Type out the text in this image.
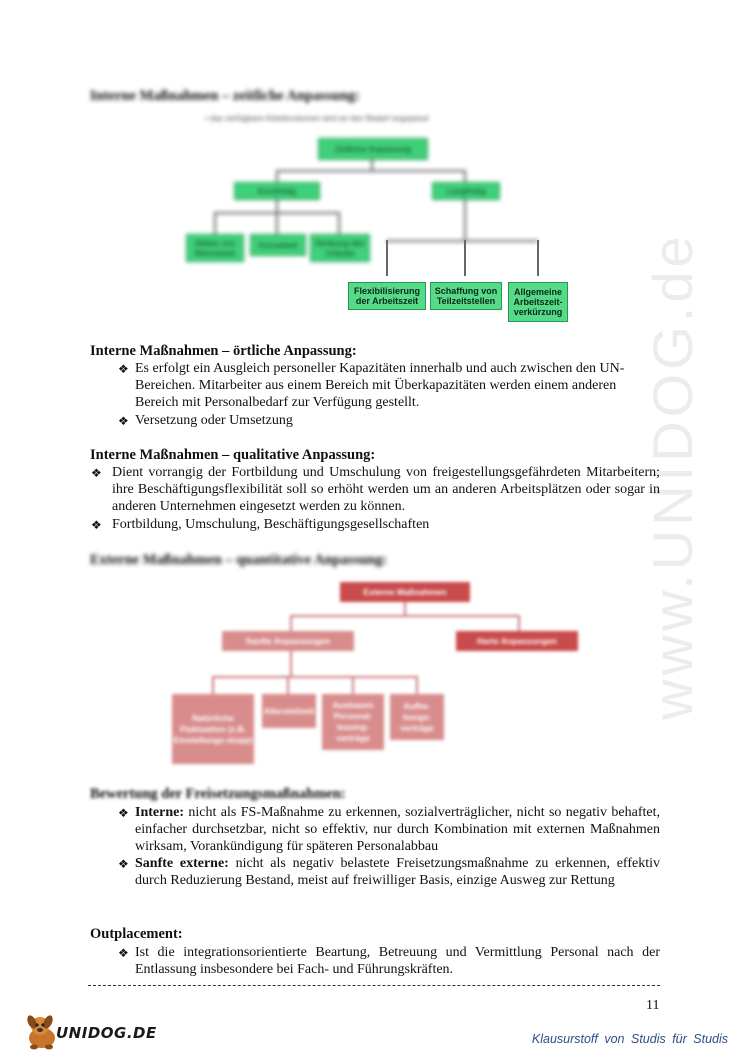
www.UNIDOG.de
Interne Maßnahmen – zeitliche Anpassung:
• das verfügbare Arbeitsvolumen wird an den Bedarf angepasst
Zeitliche Anpassung
Kurzfristig	Langfristig
Abbau von Mehrarbeit
Kurzarbeit	Senkung des Urlaubs
Flexibilisierung der Arbeitszeit
Schaffung von Teilzeitstellen
Allgemeine Arbeitszeit-verkürzung
Interne Maßnahmen – örtliche Anpassung:
❖ Es erfolgt ein Ausgleich personeller Kapazitäten innerhalb und auch zwischen den UN-Bereichen. Mitarbeiter aus einem Bereich mit Überkapazitäten werden einem anderen Bereich mit Personalbedarf zur Verfügung gestellt.
❖ Versetzung oder Umsetzung
Interne Maßnahmen – qualitative Anpassung:
❖ Dient vorrangig der Fortbildung und Umschulung von freigestellungsgefährdeten Mitarbeitern; ihre Beschäftigungsflexibilität soll so erhöht werden um an anderen Arbeitsplätzen oder sogar in anderen Unternehmen eingesetzt werden zu können.
❖ Fortbildung, Umschulung, Beschäftigungsgesellschaften
Externe Maßnahmen – quantitative Anpassung:
Externe Maßnahmen
Sanfte Anpassungen	Harte Anpassungen
Natürliche Fluktuation (z.B. Einstellungs-stopp)
Altersteilzeit
Ausbauen Personal-leasing-verträge
Aufhe-bungs-verträge
Bewertung der Freisetzungsmaßnahmen:
❖ Interne: nicht als FS-Maßnahme zu erkennen, sozialverträglicher, nicht so negativ behaftet, einfacher durchsetzbar, nicht so effektiv, nur durch Kombination mit externen Maßnahmen wirksam, Vorankündigung für späteren Personalabbau
❖ Sanfte externe: nicht als negativ belastete Freisetzungsmaßnahme zu erkennen, effektiv durch Reduzierung Bestand, meist auf freiwilliger Basis, einzige Ausweg zur Rettung
Outplacement:
❖ Ist die integrationsorientierte Beartung, Betreuung und Vermittlung Personal nach der Entlassung insbesondere bei Fach- und Führungskräften.
11
UNIDOG.DE	Klausurstoff von Studis für Studis
